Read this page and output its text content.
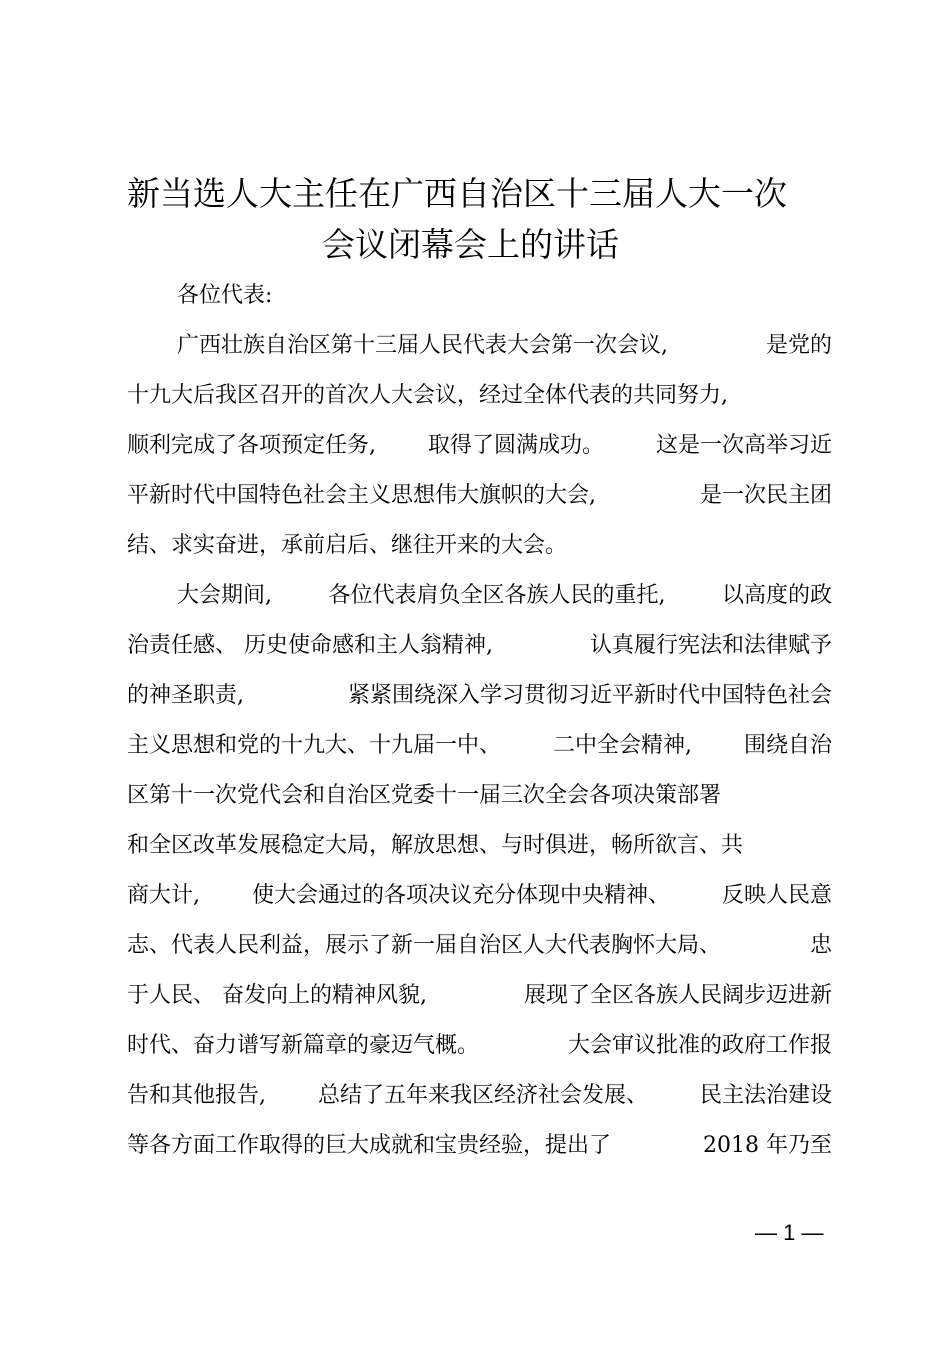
新当选人大主任在广西自治区十三届人大一次
会议闭幕会上的讲话
各位代表:
广西壮族自治区第十三届人民代表大会第一次会议,	是党的
十九大后我区召开的首次人大会议，经过全体代表的共同努力,
顺利完成了各项预定任务, 取得了圆满成功。 这是一次高举习近
平新时代中国特色社会主义思想伟大旗帜的大会,	是一次民主团
结、求实奋进，承前启后、继往开来的大会。
大会期间,	各位代表肩负全区各族人民的重托,	以高度的政
治责任感、 历史使命感和主人翁精神,	认真履行宪法和法律赋予
的神圣职责,	紧紧围绕深入学习贯彻习近平新时代中国特色社会
主义思想和党的十九大、十九届一中、 二中全会精神, 围绕自治
区第十一次党代会和自治区党委十一届三次全会各项决策部署
和全区改革发展稳定大局，解放思想、与时俱进，畅所欲言、共
商大计, 使大会通过的各项决议充分体现中央精神、 反映人民意
志、代表人民利益，展示了新一届自治区人大代表胸怀大局、	忠
于人民、 奋发向上的精神风貌,	展现了全区各族人民阔步迈进新
时代、奋力谱写新篇章的豪迈气概。	大会审议批准的政府工作报
告和其他报告, 总结了五年来我区经济社会发展、 民主法治建设
等各方面工作取得的巨大成就和宝贵经验，提出了	2018 年乃至
— 1 —
